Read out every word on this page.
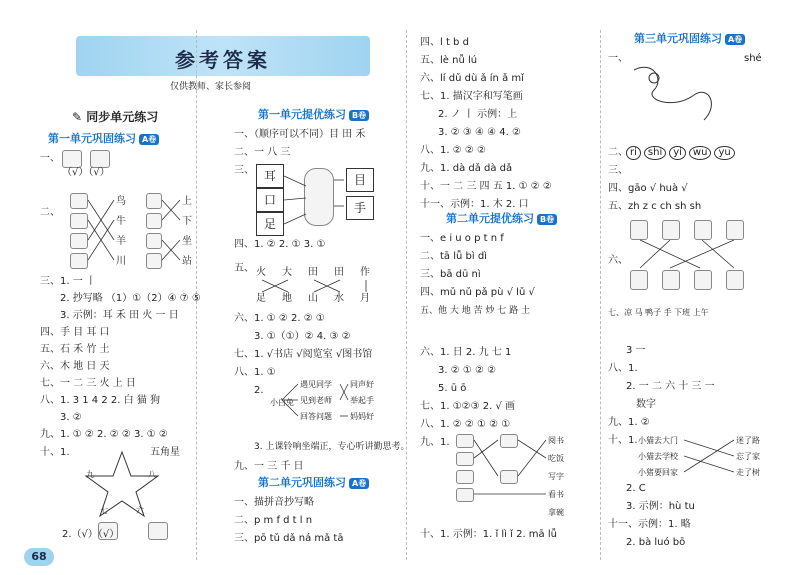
参考答案
仅供教师、家长参阅
✎ 同步单元练习
第一单元巩固练习 A卷
一、
（√）（√）
二、
鸟
牛
羊
川
上
下
坐
站
三、1. 一 丨
2. 抄写略 （1）①（2）④ ⑦ ⑤
3. 示例：耳 禾 田 火 一 日
四、手 目 耳 口
五、石 禾 竹 土
六、木 地 日 天
七、一 二 三 火 上 日
八、1. 3 1 4 2 2. 白 猫 狗
3. ②
九、1. ① ② 2. ② ② 3. ① ②
十、1.	五角星
九	八
七	六
2.（√）（√）
第一单元提优练习 B卷
一、（顺序可以不同）目 田 禾
二、一 八 三
三、 耳
口
足
目
手
四、1. ② 2. ① 3. ①
五、 火 大 田 田 作
足 地 山 水 月
六、1. ① ② 2. ② ①
3. ①（①）② 4. ③ ②
七、1. √书店 √阅览室 √图书馆
八、1. ①
2.
小白兔
遇见同学 同声好
见到老师 举起手
回答问题 妈妈好
3. 上课铃响坐端正，专心听讲勤思考。
九、一 三 千 日
第二单元巩固练习 A卷
一、描拼音抄写略
二、p m f d t l n
三、pō tǔ dǎ ná mǎ tā
四、l t b d
五、lè nǚ lú
六、lí dǔ dù ǎ ín ǎ mǐ
七、1. 描汉字和写笔画
2. ノ 丨 示例：上
3. ② ③ ④ ④ 4. ②
八、1. ② ② ②
九、1. dà dǎ dà dǎ
十、一 二 三 四 五 1. ① ② ②
十一、示例：1. 木 2. 口
第二单元提优练习 B卷
一、e i u o p t n f
二、tā lǚ bì dì
三、bā dū nì
四、mǔ nǔ pǎ pù √ lǔ √
五、他 大 地 苦 炒 七 路 土
六、1. 日 2. 九 七 1
3. ② ① ② ②
5. ū ō
七、1. ①②③ 2. √ 画
八、1. ② ② ① ② ①
九、1.	阅书
吃饭
写字
看书
拿碗
十、1. 示例：1. ǐ lì ǐ 2. mā lǚ
第三单元巩固练习 A卷
一、	shé
二、 ri shi yi wu yu
三、
四、gāo √ huà √
五、zh z c ch sh sh
六、
七、凉 马 鸭子 手 下班 上午
3 一
八、1.
2. 一 二 六 十 三 一
数字
九、1. ②
十、1. 小猫去大门
小猫去学校
小猪要回家
迷了路
忘了家
走了树
2. C
3. 示例：hù tu
十一、示例：1. 略
2. bà luó bō
68
